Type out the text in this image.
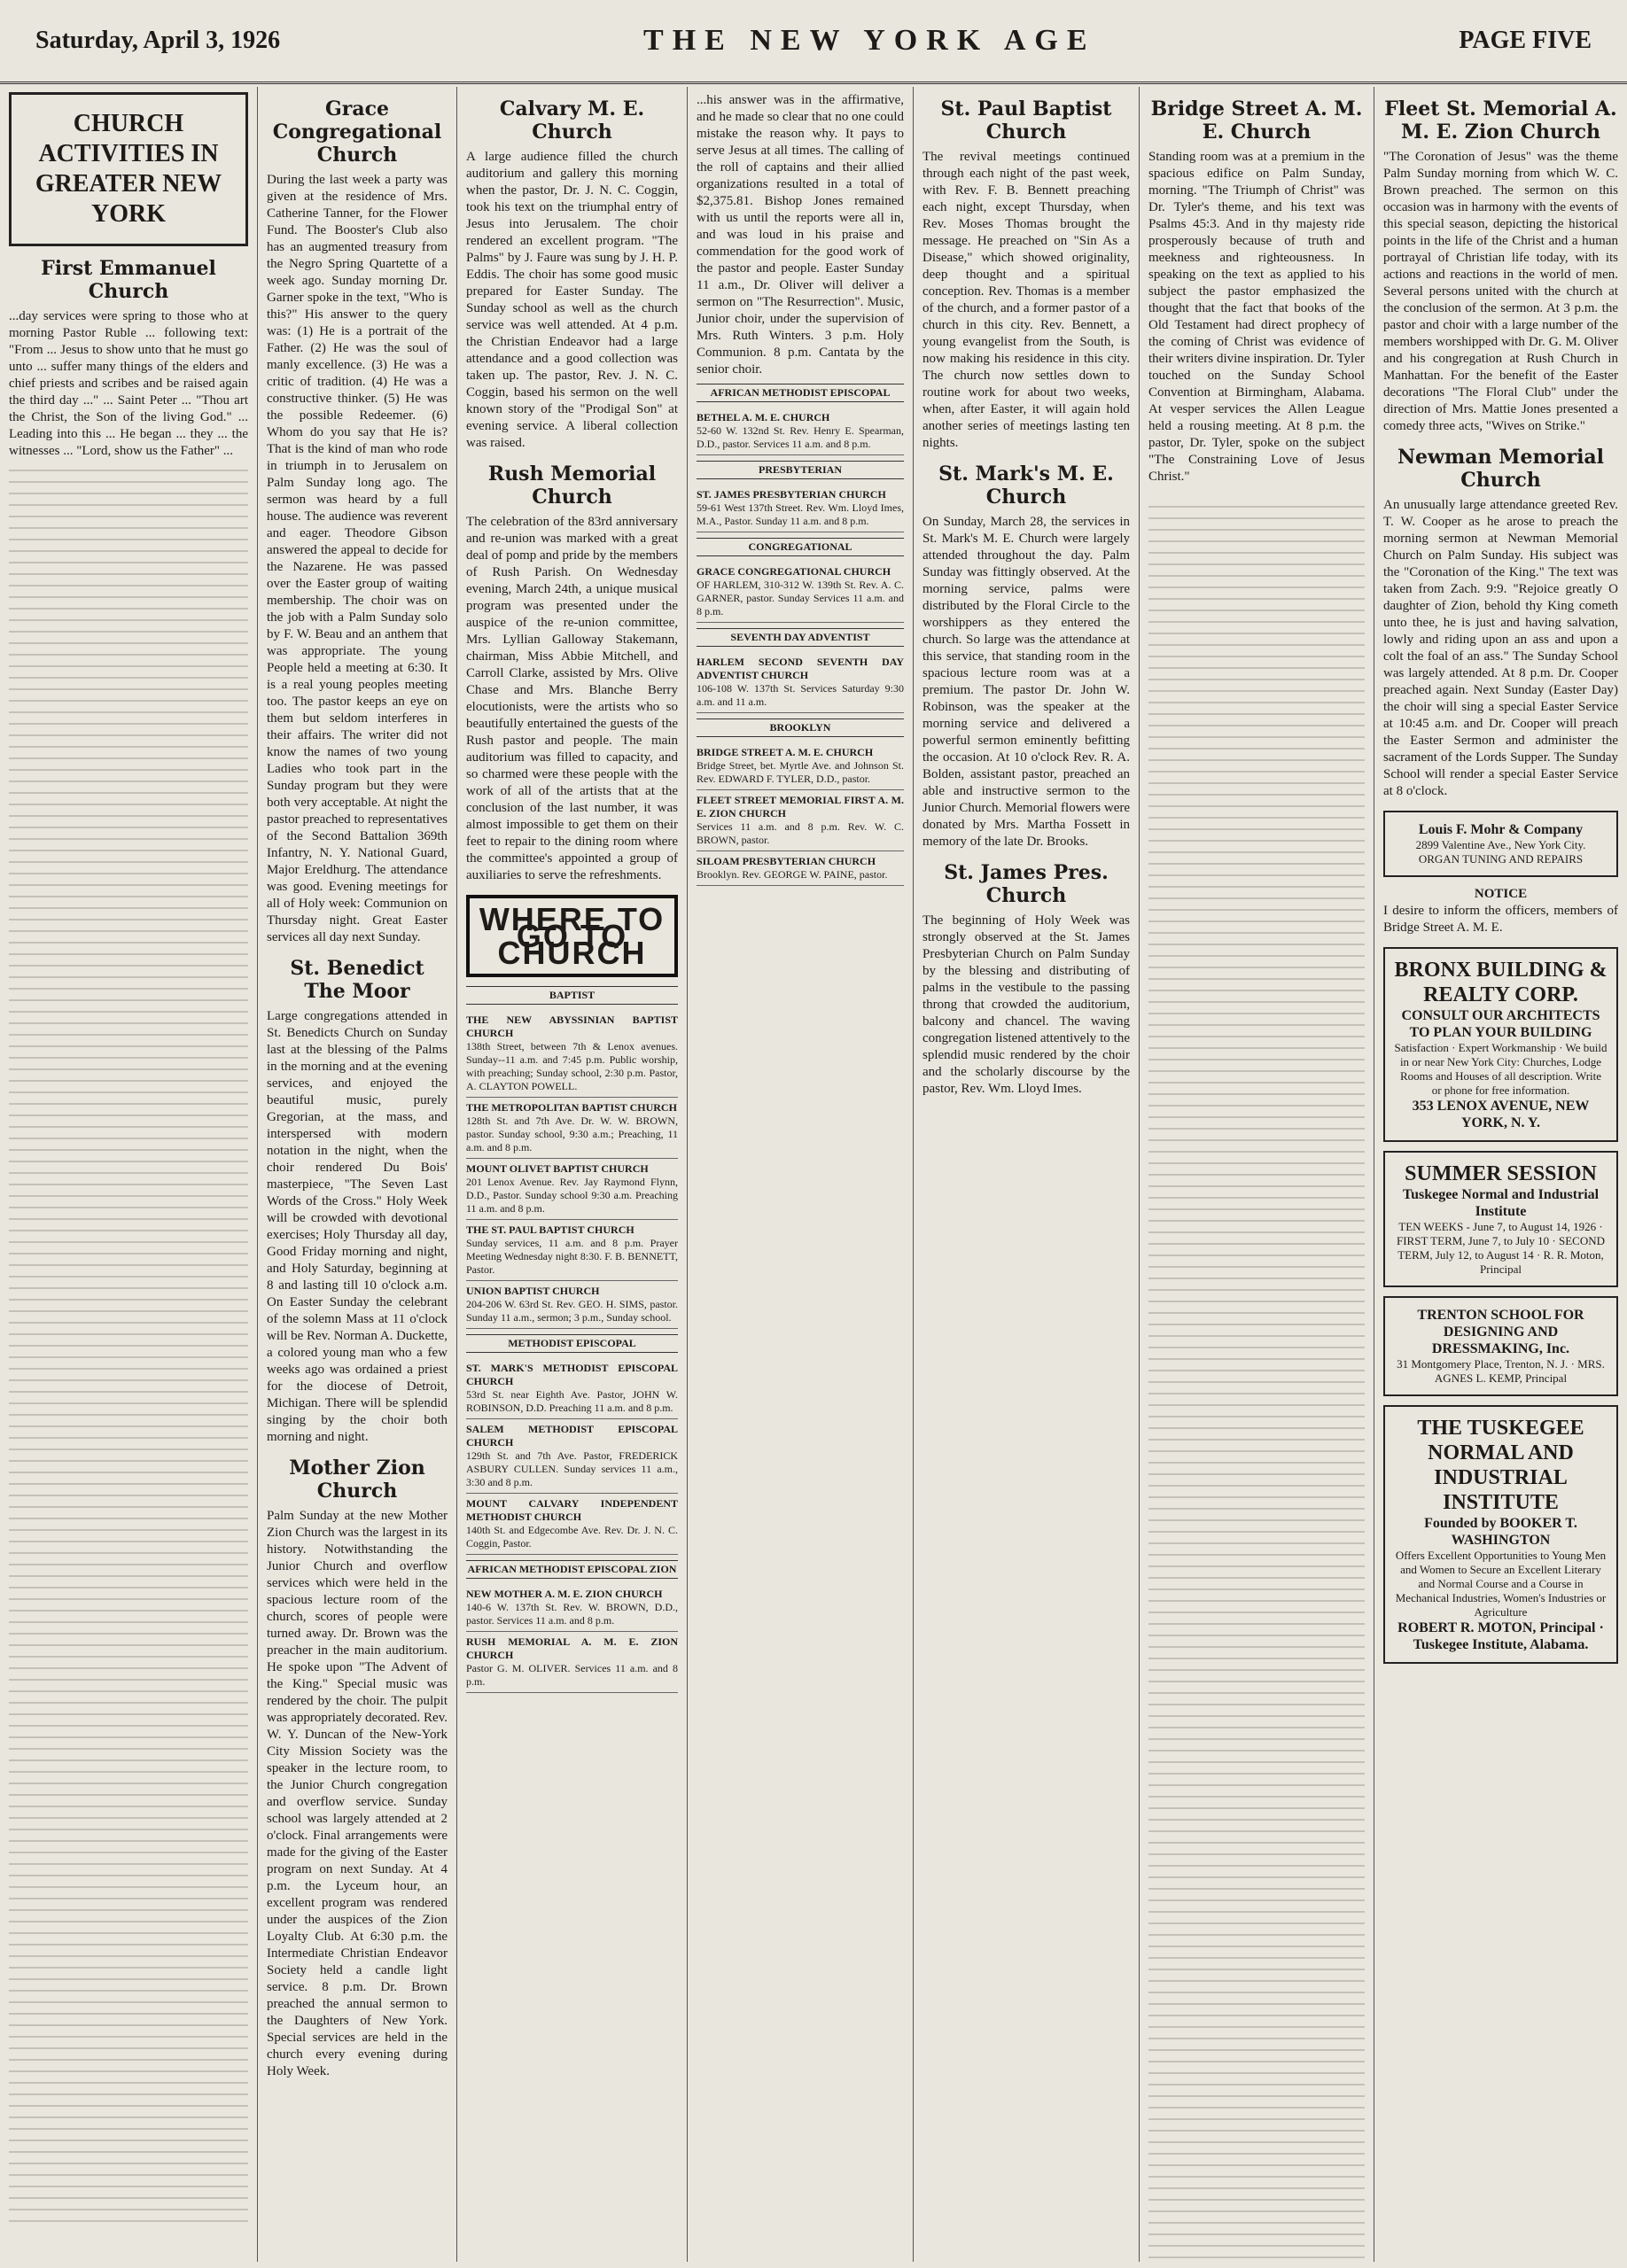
Saturday, April 3, 1926	THE NEW YORK AGE	PAGE FIVE
CHURCH ACTIVITIES IN GREATER NEW YORK
First Emmanuel Church

...day services were spring to those who at morning Pastor Ruble ... following text: "From ... Jesus to show unto that he must go unto ... suffer many things of the elders and chief priests and scribes and be raised again the third day ..." ... Saint Peter ... "Thou art the Christ, the Son of the living God." ... Leading into this ... He began ... they ... the witnesses ... "Lord, show us the Father" ...

Grace Congregational Church

During the last week a party was given at the residence of Mrs. Catherine Tanner, for the Flower Fund. The Booster's Club also has an augmented treasury from the Negro Spring Quartette of a week ago. Sunday morning Dr. Garner spoke in the text, "Who is this?" His answer to the query was: (1) He is a portrait of the Father. (2) He was the soul of manly excellence. (3) He was a critic of tradition. (4) He was a constructive thinker. (5) He was the possible Redeemer. (6) Whom do you say that He is? That is the kind of man who rode in triumph in to Jerusalem on Palm Sunday long ago. The sermon was heard by a full house. The audience was reverent and eager. Theodore Gibson answered the appeal to decide for the Nazarene. He was passed over the Easter group of waiting membership. The choir was on the job with a Palm Sunday solo by F. W. Beau and an anthem that was appropriate. The young People held a meeting at 6:30. It is a real young peoples meeting too. The pastor keeps an eye on them but seldom interferes in their affairs. The writer did not know the names of two young Ladies who took part in the Sunday program but they were both very acceptable. At night the pastor preached to representatives of the Second Battalion 369th Infantry, N. Y. National Guard, Major Ereldhurg. The attendance was good. Evening meetings for all of Holy week: Communion on Thursday night. Great Easter services all day next Sunday.

St. Benedict The Moor

Large congregations attended in St. Benedicts Church on Sunday last at the blessing of the Palms in the morning and at the evening services, and enjoyed the beautiful music, purely Gregorian, at the mass, and interspersed with modern notation in the night, when the choir rendered Du Bois' masterpiece, "The Seven Last Words of the Cross." Holy Week will be crowded with devotional exercises; Holy Thursday all day, Good Friday morning and night, and Holy Saturday, beginning at 8 and lasting till 10 o'clock a.m. On Easter Sunday the celebrant of the solemn Mass at 11 o'clock will be Rev. Norman A. Duckette, a colored young man who a few weeks ago was ordained a priest for the diocese of Detroit, Michigan. There will be splendid singing by the choir both morning and night.

Mother Zion Church

Palm Sunday at the new Mother Zion Church was the largest in its history. Notwithstanding the Junior Church and overflow services which were held in the spacious lecture room of the church, scores of people were turned away. Dr. Brown was the preacher in the main auditorium. He spoke upon "The Advent of the King." Special music was rendered by the choir. The pulpit was appropriately decorated. Rev. W. Y. Duncan of the New-York City Mission Society was the speaker in the lecture room, to the Junior Church congregation and overflow service. Sunday school was largely attended at 2 o'clock. Final arrangements were made for the giving of the Easter program on next Sunday. At 4 p.m. the Lyceum hour, an excellent program was rendered under the auspices of the Zion Loyalty Club. At 6:30 p.m. the Intermediate Christian Endeavor Society held a candle light service. 8 p.m. Dr. Brown preached the annual sermon to the Daughters of New York. Special services are held in the church every evening during Holy Week.

Calvary M. E. Church

A large audience filled the church auditorium and gallery this morning when the pastor, Dr. J. N. C. Coggin, took his text on the triumphal entry of Jesus into Jerusalem. The choir rendered an excellent program. "The Palms" by J. Faure was sung by J. H. P. Eddis. The choir has some good music prepared for Easter Sunday. The Sunday school as well as the church service was well attended. At 4 p.m. the Christian Endeavor had a large attendance and a good collection was taken up. The pastor, Rev. J. N. C. Coggin, based his sermon on the well known story of the "Prodigal Son" at evening service. A liberal collection was raised.

Rush Memorial Church

The celebration of the 83rd anniversary and re-union was marked with a great deal of pomp and pride by the members of Rush Parish. On Wednesday evening, March 24th, a unique musical program was presented under the auspice of the re-union committee, Mrs. Lyllian Galloway Stakemann, chairman, Miss Abbie Mitchell, and Carroll Clarke, assisted by Mrs. Olive Chase and Mrs. Blanche Berry elocutionists, were the artists who so beautifully entertained the guests of the Rush pastor and people. The main auditorium was filled to capacity, and so charmed were these people with the work of all of the artists that at the conclusion of the last number, it was almost impossible to get them on their feet to repair to the dining room where the committee's appointed a group of auxiliaries to serve the refreshments.

WHERE TO GO TO CHURCH
BAPTIST
THE NEW ABYSSINIAN BAPTIST CHURCH
138th Street, between 7th & Lenox avenues. Sunday--11 a.m. and 7:45 p.m. Public worship, with preaching; Sunday school, 2:30 p.m. Pastor, A. CLAYTON POWELL.
THE METROPOLITAN BAPTIST CHURCH
128th St. and 7th Ave. Dr. W. W. BROWN, pastor. Sunday school, 9:30 a.m.; Preaching, 11 a.m. and 8 p.m.
MOUNT OLIVET BAPTIST CHURCH
201 Lenox Avenue. Rev. Jay Raymond Flynn, D.D., Pastor. Sunday school 9:30 a.m. Preaching 11 a.m. and 8 p.m.
THE ST. PAUL BAPTIST CHURCH
Sunday services, 11 a.m. and 8 p.m. Prayer Meeting Wednesday night 8:30. F. B. BENNETT, Pastor.
UNION BAPTIST CHURCH
204-206 W. 63rd St. Rev. GEO. H. SIMS, pastor. Sunday 11 a.m., sermon; 3 p.m., Sunday school.
METHODIST EPISCOPAL
ST. MARK'S METHODIST EPISCOPAL CHURCH
53rd St. near Eighth Ave. Pastor, JOHN W. ROBINSON, D.D. Preaching 11 a.m. and 8 p.m.
SALEM METHODIST EPISCOPAL CHURCH
129th St. and 7th Ave. Pastor, FREDERICK ASBURY CULLEN. Sunday services 11 a.m., 3:30 and 8 p.m.
MOUNT CALVARY INDEPENDENT METHODIST CHURCH
140th St. and Edgecombe Ave. Rev. Dr. J. N. C. Coggin, Pastor.
AFRICAN METHODIST EPISCOPAL ZION
NEW MOTHER A. M. E. ZION CHURCH
140-6 W. 137th St. Rev. W. BROWN, D.D., pastor. Services 11 a.m. and 8 p.m.
RUSH MEMORIAL A. M. E. ZION CHURCH
Pastor G. M. OLIVER. Services 11 a.m. and 8 p.m.

...his answer was in the affirmative, and he made so clear that no one could mistake the reason why. It pays to serve Jesus at all times. The calling of the roll of captains and their allied organizations resulted in a total of $2,375.81. Bishop Jones remained with us until the reports were all in, and was loud in his praise and commendation for the good work of the pastor and people. Easter Sunday 11 a.m., Dr. Oliver will deliver a sermon on "The Resurrection". Music, Junior choir, under the supervision of Mrs. Ruth Winters. 3 p.m. Holy Communion. 8 p.m. Cantata by the senior choir.

AFRICAN METHODIST EPISCOPAL
BETHEL A. M. E. CHURCH
52-60 W. 132nd St. Rev. Henry E. Spearman, D.D., pastor. Services 11 a.m. and 8 p.m.
PRESBYTERIAN
ST. JAMES PRESBYTERIAN CHURCH
59-61 West 137th Street. Rev. Wm. Lloyd Imes, M.A., Pastor. Sunday 11 a.m. and 8 p.m.
CONGREGATIONAL
GRACE CONGREGATIONAL CHURCH
OF HARLEM, 310-312 W. 139th St. Rev. A. C. GARNER, pastor. Sunday Services 11 a.m. and 8 p.m.
SEVENTH DAY ADVENTIST
HARLEM SECOND SEVENTH DAY ADVENTIST CHURCH
106-108 W. 137th St. Services Saturday 9:30 a.m. and 11 a.m.
BROOKLYN
BRIDGE STREET A. M. E. CHURCH
Bridge Street, bet. Myrtle Ave. and Johnson St. Rev. EDWARD F. TYLER, D.D., pastor.
FLEET STREET MEMORIAL FIRST A. M. E. ZION CHURCH
Services 11 a.m. and 8 p.m. Rev. W. C. BROWN, pastor.
SILOAM PRESBYTERIAN CHURCH
Brooklyn. Rev. GEORGE W. PAINE, pastor.
St. Paul Baptist Church

The revival meetings continued through each night of the past week, with Rev. F. B. Bennett preaching each night, except Thursday, when Rev. Moses Thomas brought the message. He preached on "Sin As a Disease," which showed originality, deep thought and a spiritual conception. Rev. Thomas is a member of the church, and a former pastor of a church in this city. Rev. Bennett, a young evangelist from the South, is now making his residence in this city. The church now settles down to routine work for about two weeks, when, after Easter, it will again hold another series of meetings lasting ten nights.

St. Mark's M. E. Church

On Sunday, March 28, the services in St. Mark's M. E. Church were largely attended throughout the day. Palm Sunday was fittingly observed. At the morning service, palms were distributed by the Floral Circle to the worshippers as they entered the church. So large was the attendance at this service, that standing room in the spacious lecture room was at a premium. The pastor Dr. John W. Robinson, was the speaker at the morning service and delivered a powerful sermon eminently befitting the occasion. At 10 o'clock Rev. R. A. Bolden, assistant pastor, preached an able and instructive sermon to the Junior Church. Memorial flowers were donated by Mrs. Martha Fossett in memory of the late Dr. Brooks.

St. James Pres. Church

The beginning of Holy Week was strongly observed at the St. James Presbyterian Church on Palm Sunday by the blessing and distributing of palms in the vestibule to the passing throng that crowded the auditorium, balcony and chancel. The waving congregation listened attentively to the splendid music rendered by the choir and the scholarly discourse by the pastor, Rev. Wm. Lloyd Imes.

Bridge Street A. M. E. Church

Standing room was at a premium in the spacious edifice on Palm Sunday, morning. "The Triumph of Christ" was Dr. Tyler's theme, and his text was Psalms 45:3. And in thy majesty ride prosperously because of truth and meekness and righteousness. In speaking on the text as applied to his subject the pastor emphasized the thought that the fact that books of the Old Testament had direct prophecy of the coming of Christ was evidence of their writers divine inspiration. Dr. Tyler touched on the Sunday School Convention at Birmingham, Alabama. At vesper services the Allen League held a rousing meeting. At 8 p.m. the pastor, Dr. Tyler, spoke on the subject "The Constraining Love of Jesus Christ."

Fleet St. Memorial A. M. E. Zion Church

"The Coronation of Jesus" was the theme Palm Sunday morning from which W. C. Brown preached. The sermon on this occasion was in harmony with the events of this special season, depicting the historical points in the life of the Christ and a human portrayal of Christian life today, with its actions and reactions in the world of men. Several persons united with the church at the conclusion of the sermon. At 3 p.m. the pastor and choir with a large number of the members worshipped with Dr. G. M. Oliver and his congregation at Rush Church in Manhattan. For the benefit of the Easter decorations "The Floral Club" under the direction of Mrs. Mattie Jones presented a comedy three acts, "Wives on Strike."

Newman Memorial Church

An unusually large attendance greeted Rev. T. W. Cooper as he arose to preach the morning sermon at Newman Memorial Church on Palm Sunday. His subject was the "Coronation of the King." The text was taken from Zach. 9:9. "Rejoice greatly O daughter of Zion, behold thy King cometh unto thee, he is just and having salvation, lowly and riding upon an ass and upon a colt the foal of an ass." The Sunday School was largely attended. At 8 p.m. Dr. Cooper preached again. Next Sunday (Easter Day) the choir will sing a special Easter Service at 10:45 a.m. and Dr. Cooper will preach the Easter Sermon and administer the sacrament of the Lords Supper. The Sunday School will render a special Easter Service at 8 o'clock.

Louis F. Mohr & Company
2899 Valentine Ave., New York City. ORGAN TUNING AND REPAIRS
NOTICE

I desire to inform the officers, members of Bridge Street A. M. E.

BRONX BUILDING & REALTY CORP.
CONSULT OUR ARCHITECTS TO PLAN YOUR BUILDING
Satisfaction · Expert Workmanship · We build in or near New York City: Churches, Lodge Rooms and Houses of all description. Write or phone for free information.
353 LENOX AVENUE, NEW YORK, N. Y.
SUMMER SESSION
Tuskegee Normal and Industrial Institute
TEN WEEKS - June 7, to August 14, 1926 · FIRST TERM, June 7, to July 10 · SECOND TERM, July 12, to August 14 · R. R. Moton, Principal
TRENTON SCHOOL FOR DESIGNING AND DRESSMAKING, Inc.
31 Montgomery Place, Trenton, N. J. · MRS. AGNES L. KEMP, Principal
THE TUSKEGEE NORMAL AND INDUSTRIAL INSTITUTE
Founded by BOOKER T. WASHINGTON
Offers Excellent Opportunities to Young Men and Women to Secure an Excellent Literary and Normal Course and a Course in Mechanical Industries, Women's Industries or Agriculture
ROBERT R. MOTON, Principal · Tuskegee Institute, Alabama.
